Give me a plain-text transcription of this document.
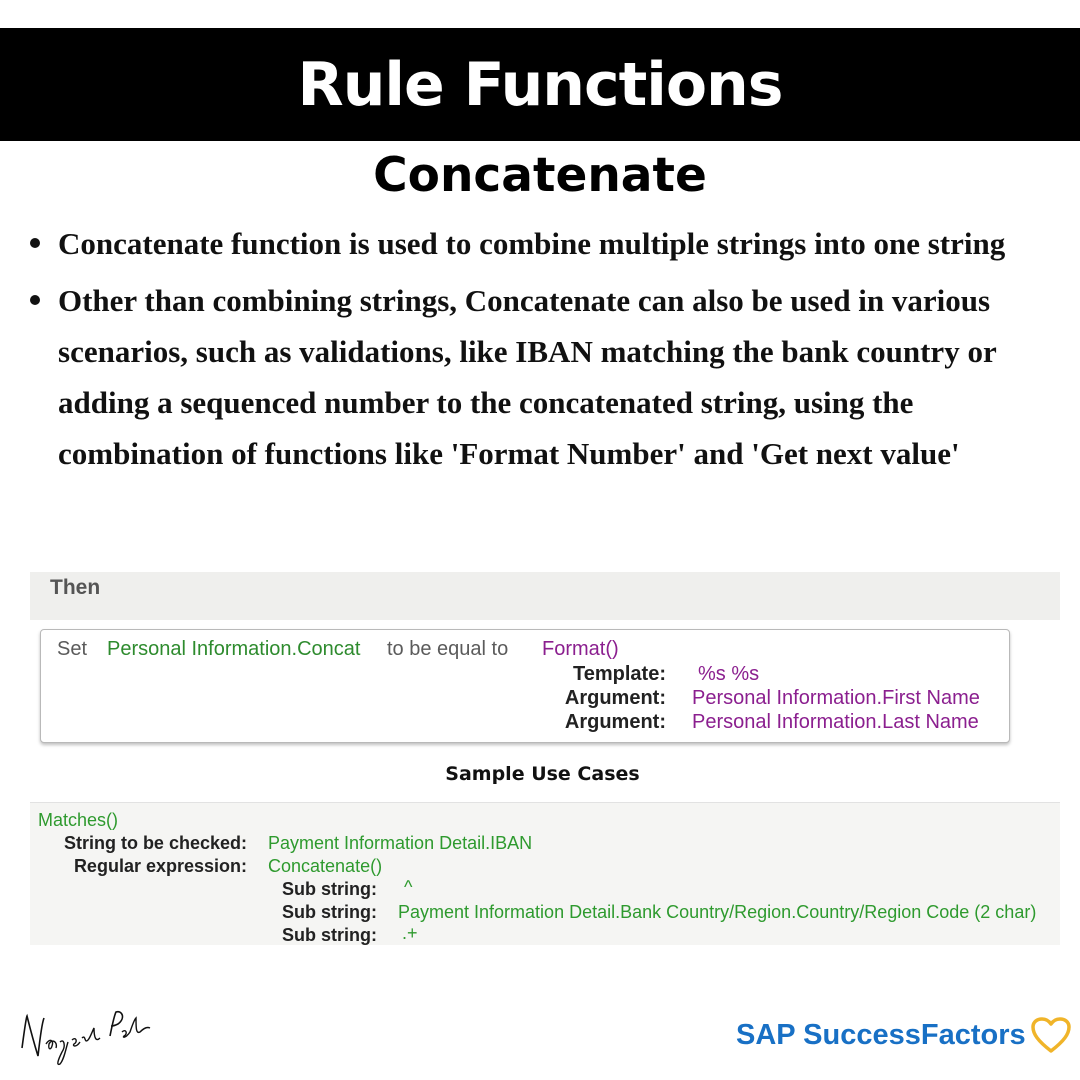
Rule Functions
Concatenate
Concatenate function is used to combine multiple strings into one string
Other than combining strings, Concatenate can also be used in various scenarios, such as validations, like IBAN matching the bank country or adding a sequenced number to the concatenated string, using the combination of functions like 'Format Number' and 'Get next value'
Then
Set Personal Information.Concat to be equal to Format()
Template: %s %s
Argument: Personal Information.First Name
Argument: Personal Information.Last Name
Sample Use Cases
Matches()
String to be checked: Payment Information Detail.IBAN
Regular expression: Concatenate()
Sub string: ^
Sub string: Payment Information Detail.Bank Country/Region.Country/Region Code (2 char)
Sub string: .+
SAP SuccessFactors
